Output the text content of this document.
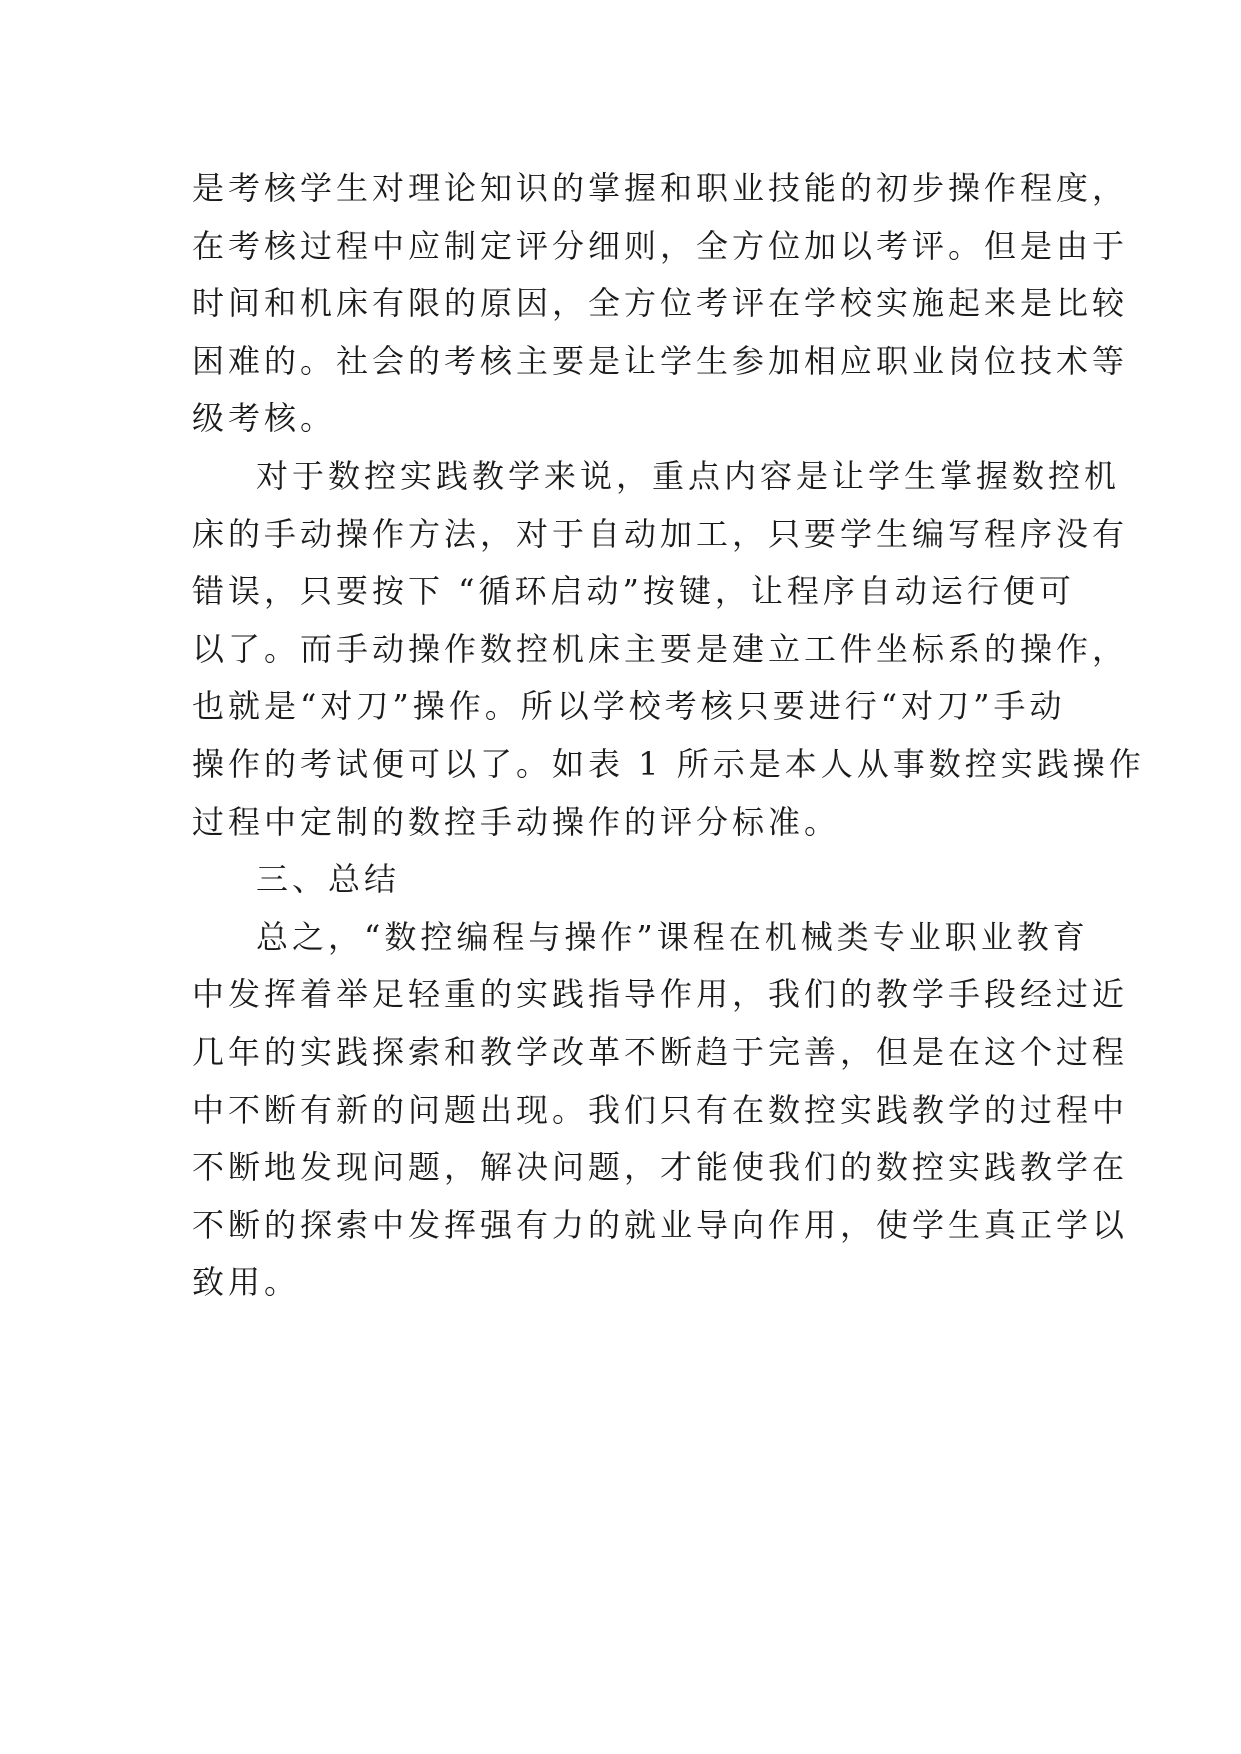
是考核学生对理论知识的掌握和职业技能的初步操作程度，
在考核过程中应制定评分细则，全方位加以考评。但是由于
时间和机床有限的原因，全方位考评在学校实施起来是比较
困难的。社会的考核主要是让学生参加相应职业岗位技术等
级考核。
对于数控实践教学来说，重点内容是让学生掌握数控机
床的手动操作方法，对于自动加工，只要学生编写程序没有
错误，只要按下 “循环启动”按键，让程序自动运行便可
以了。而手动操作数控机床主要是建立工件坐标系的操作，
也就是“对刀”操作。所以学校考核只要进行“对刀”手动
操作的考试便可以了。如表 1 所示是本人从事数控实践操作
过程中定制的数控手动操作的评分标准。
三、总结
总之，“数控编程与操作”课程在机械类专业职业教育
中发挥着举足轻重的实践指导作用，我们的教学手段经过近
几年的实践探索和教学改革不断趋于完善，但是在这个过程
中不断有新的问题出现。我们只有在数控实践教学的过程中
不断地发现问题，解决问题，才能使我们的数控实践教学在
不断的探索中发挥强有力的就业导向作用，使学生真正学以
致用。
